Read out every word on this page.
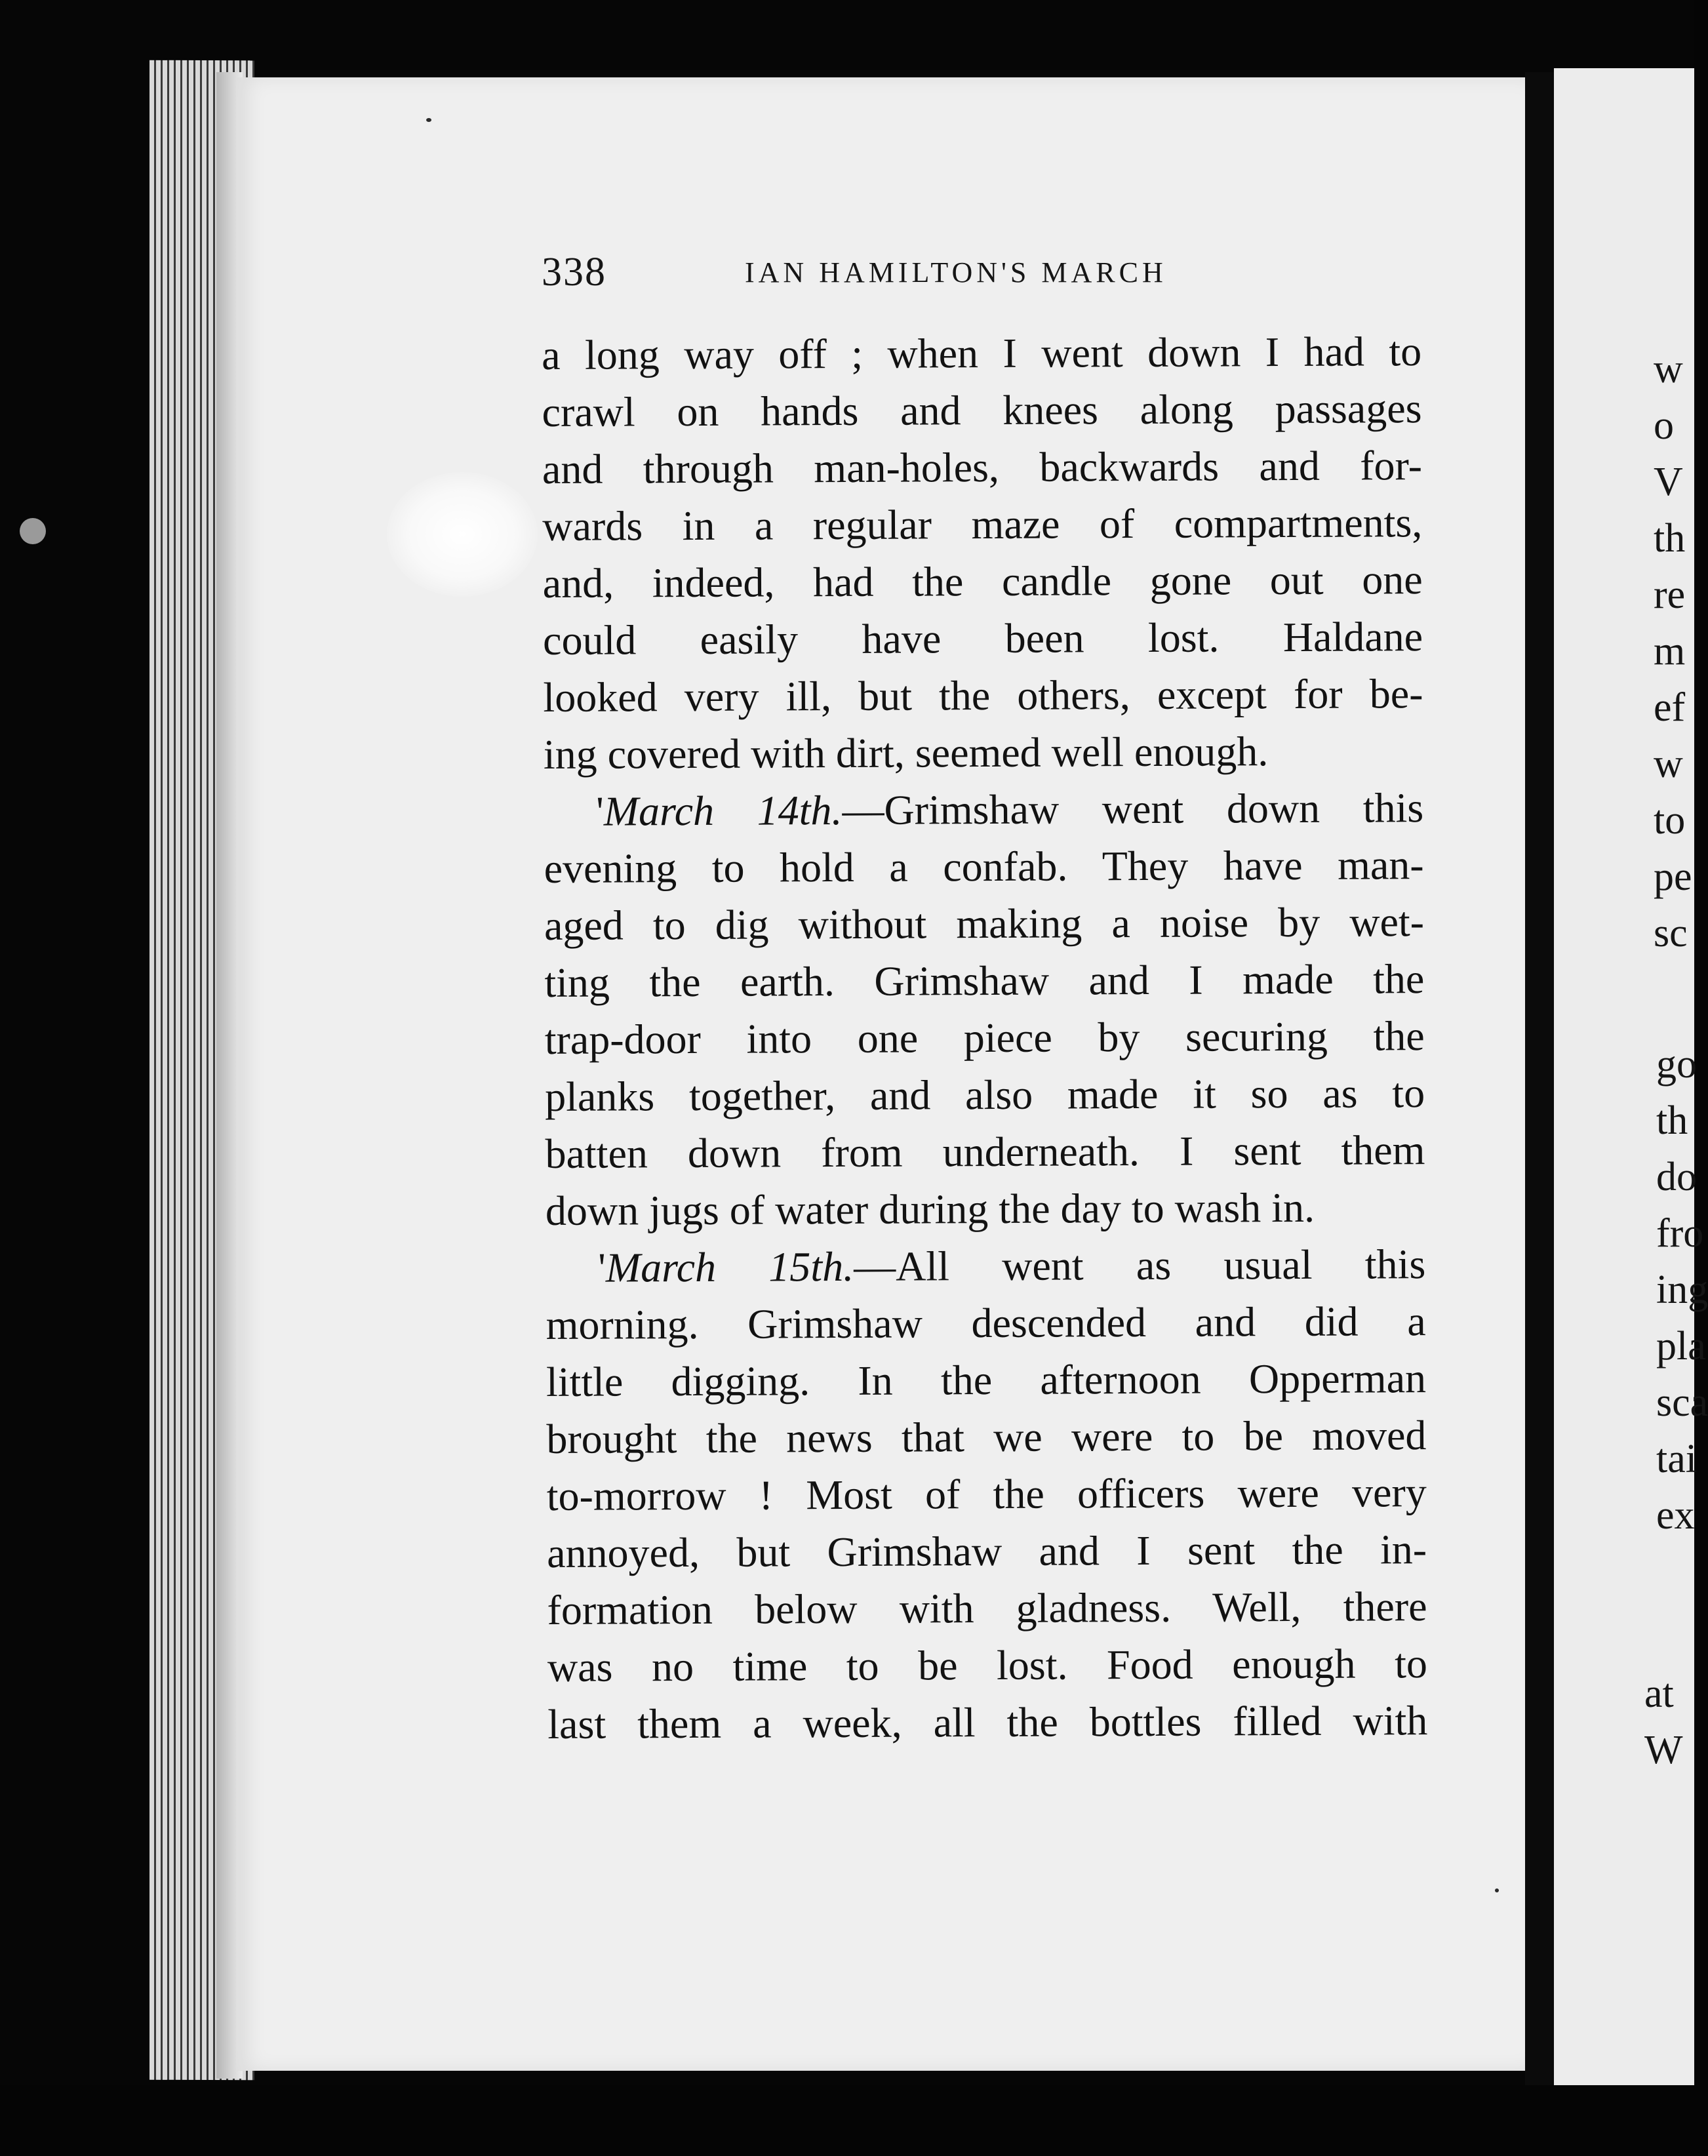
338	IAN HAMILTON'S MARCH
a long way off ; when I went down I had to
crawl on hands and knees along passages
and through man-holes, backwards and for-
wards in a regular maze of compartments,
and, indeed, had the candle gone out one
could easily have been lost. Haldane
looked very ill, but the others, except for be-
ing covered with dirt, seemed well enough.
'March 14th.—Grimshaw went down this
evening to hold a confab. They have man-
aged to dig without making a noise by wet-
ting the earth. Grimshaw and I made the
trap-door into one piece by securing the
planks together, and also made it so as to
batten down from underneath. I sent them
down jugs of water during the day to wash in.
'March 15th.—All went as usual this
morning. Grimshaw descended and did a
little digging. In the afternoon Opperman
brought the news that we were to be moved
to-morrow ! Most of the officers were very
annoyed, but Grimshaw and I sent the in-
formation below with gladness. Well, there
was no time to be lost. Food enough to
last them a week, all the bottles filled with
w
o
V
th
re
m
ef
w
to
pe
sc
go
th
do
fro
ing
pla
sca
tai
ex
at
W
